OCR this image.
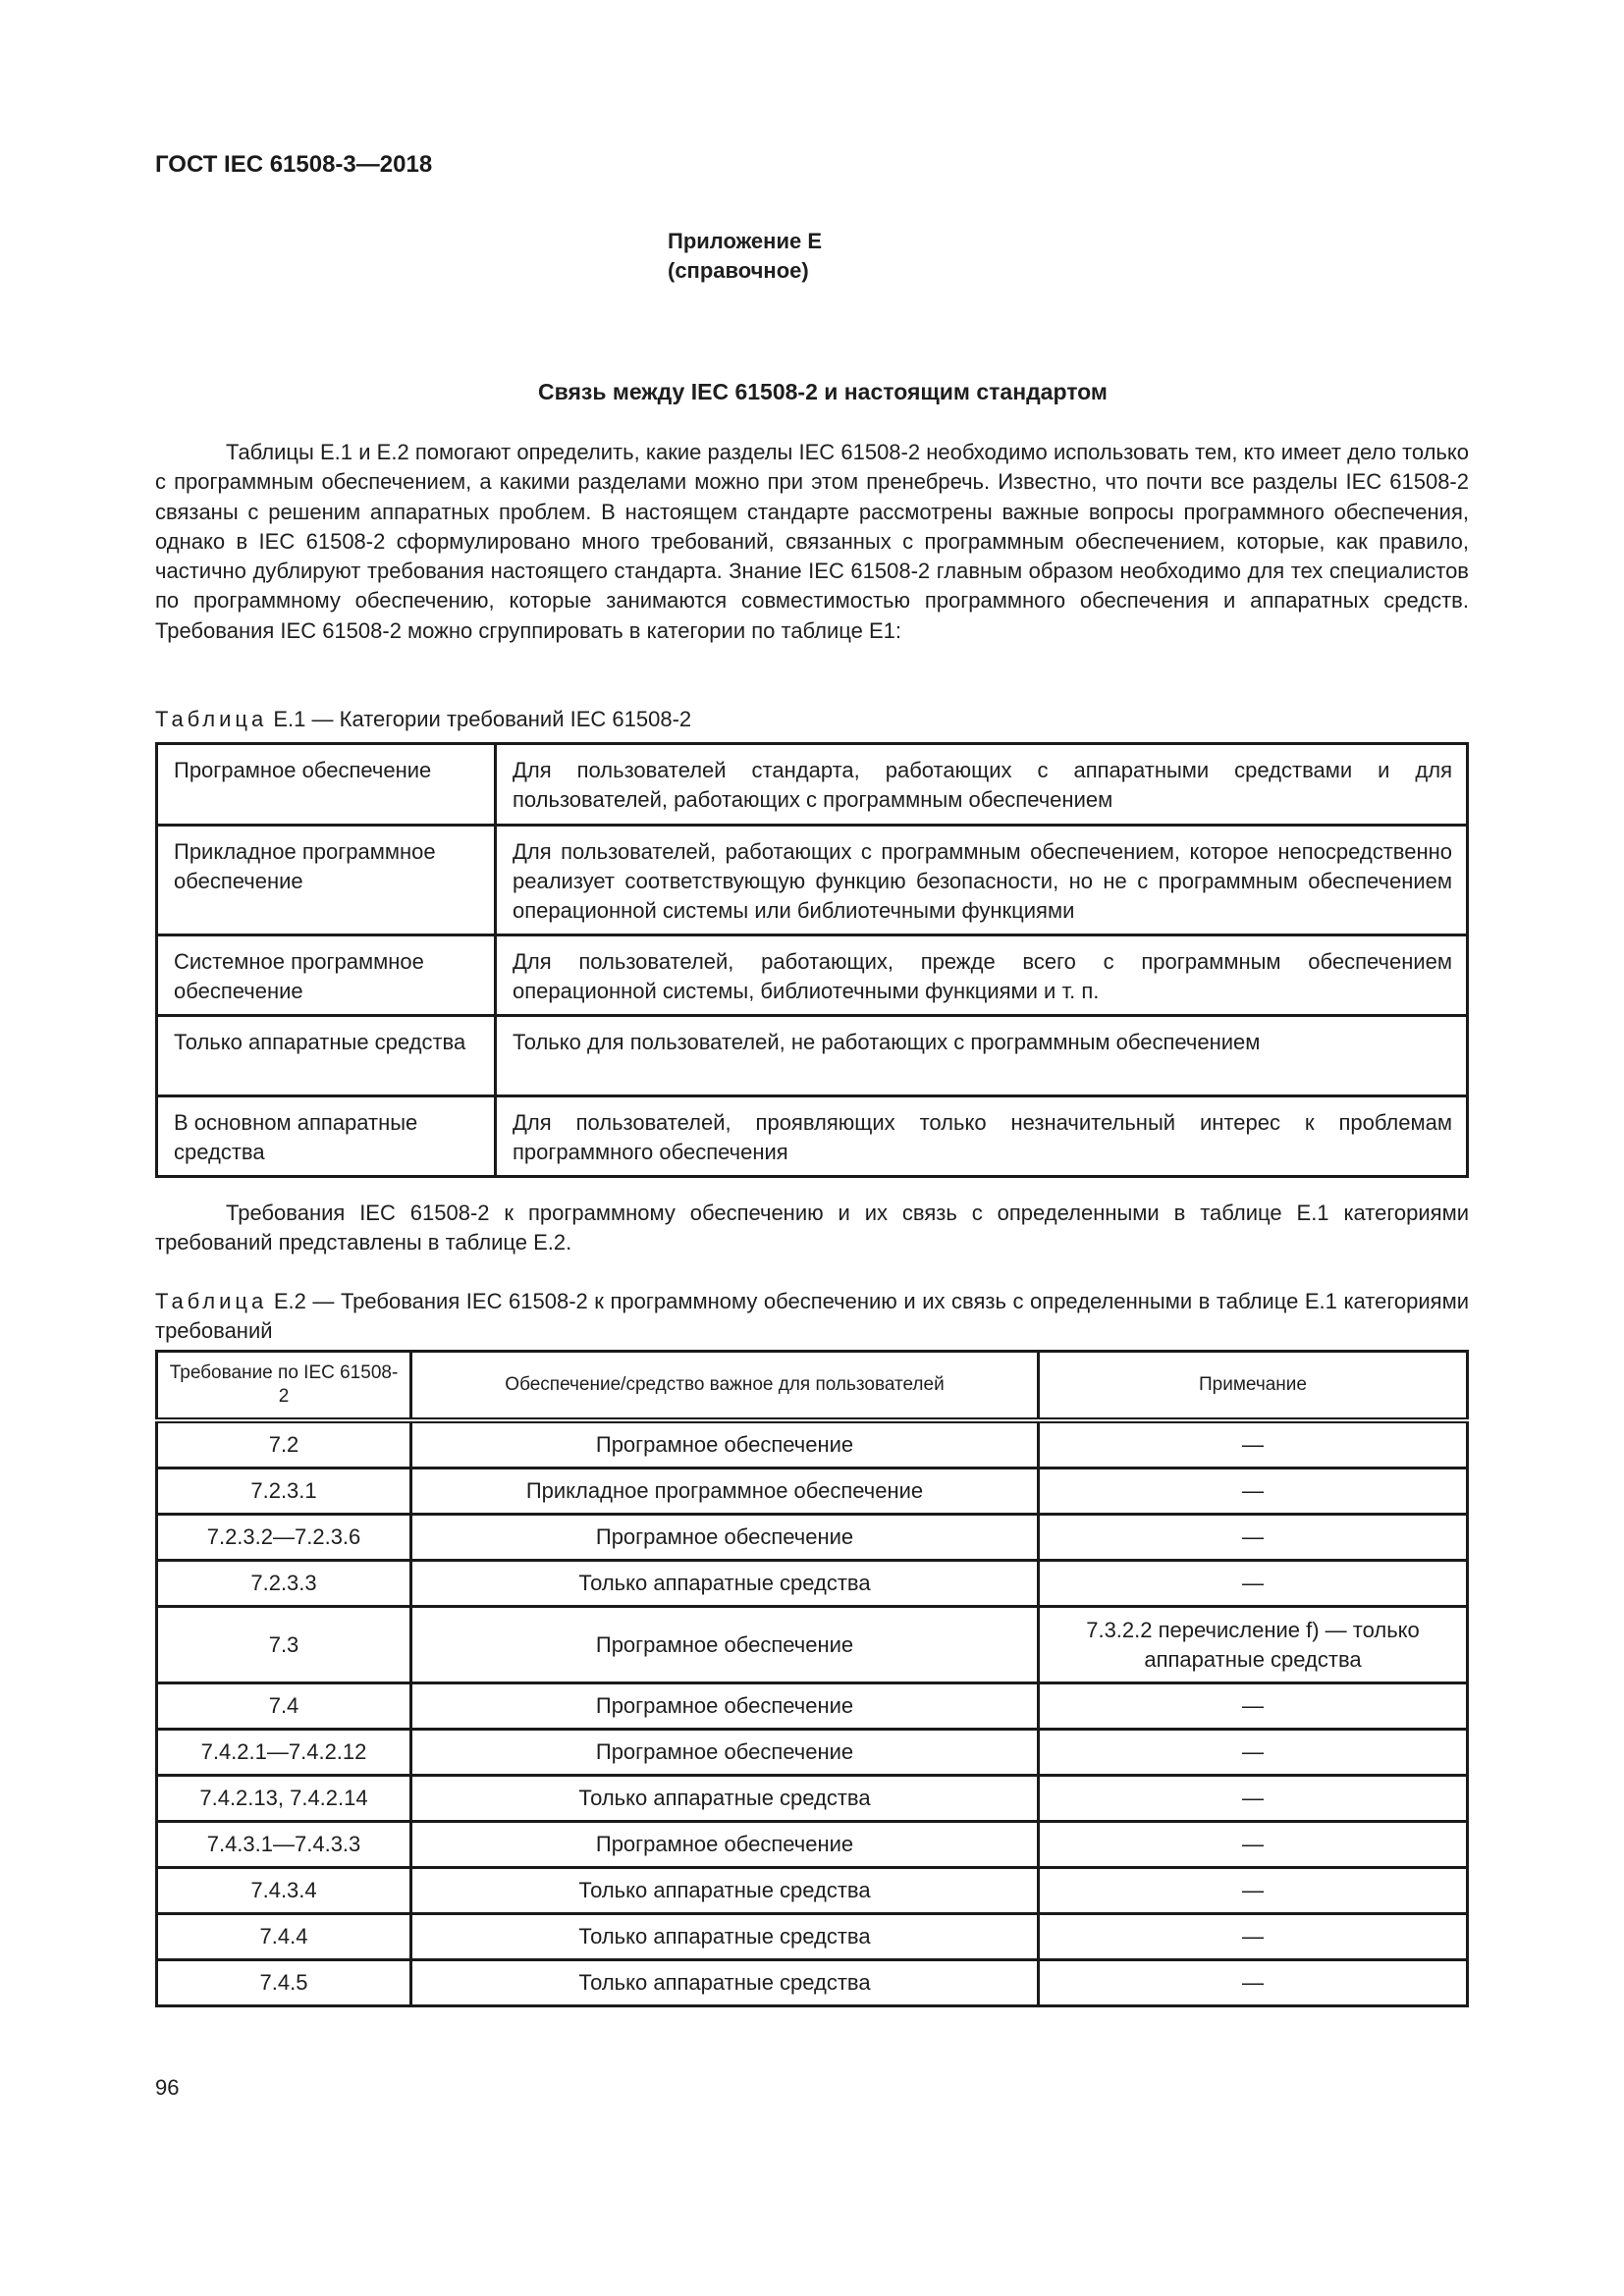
ГОСТ IEC 61508-3—2018
Приложение E
(справочное)
Связь между IEC 61508-2 и настоящим стандартом

Таблицы E.1 и E.2 помогают определить, какие разделы IEC 61508-2 необходимо использовать тем, кто имеет дело только с программным обеспечением, а какими разделами можно при этом пренебречь. Известно, что почти все разделы IEC 61508-2 связаны с решеним аппаратных проблем. В настоящем стандарте рассмотрены важные вопросы программного обеспечения, однако в IEC 61508-2 сформулировано много требований, связанных с программным обеспечением, которые, как правило, частично дублируют требования настоящего стандарта. Знание IEC 61508-2 главным образом необходимо для тех специалистов по программному обеспечению, которые занимаются совместимостью программного обеспечения и аппаратных средств. Требования IEC 61508-2 можно сгруппировать в категории по таблице E1:

Таблица E.1 — Категории требований IEC 61508-2

Програмное обеспечение	Для пользователей стандарта, работающих с аппаратными средствами и для пользователей, работающих с программным обеспечением
Прикладное программное обеспечение	Для пользователей, работающих с программным обеспечением, которое непосредственно реализует соответствующую функцию безопасности, но не с программным обеспечением операционной системы или библиотечными функциями
Системное программное обеспечение	Для пользователей, работающих, прежде всего с программным обеспечением операционной системы, библиотечными функциями и т. п.
Только аппаратные средства	Только для пользователей, не работающих с программным обеспечением
В основном аппаратные средства	Для пользователей, проявляющих только незначительный интерес к проблемам программного обеспечения

Требования IEC 61508-2 к программному обеспечению и их связь с определенными в таблице E.1 категориями требований представлены в таблице E.2.

Таблица E.2 — Требования IEC 61508-2 к программному обеспечению и их связь с определенными в таблице E.1 категориями требований

Требование по IEC 61508-2	Обеспечение/средство важное для пользователей	Примечание
7.2	Програмное обеспечение	—
7.2.3.1	Прикладное программное обеспечение	—
7.2.3.2—7.2.3.6	Програмное обеспечение	—
7.2.3.3	Только аппаратные средства	—
7.3	Програмное обеспечение	7.3.2.2 перечисление f) — только аппаратные средства
7.4	Програмное обеспечение	—
7.4.2.1—7.4.2.12	Програмное обеспечение	—
7.4.2.13, 7.4.2.14	Только аппаратные средства	—
7.4.3.1—7.4.3.3	Програмное обеспечение	—
7.4.3.4	Только аппаратные средства	—
7.4.4	Только аппаратные средства	—
7.4.5	Только аппаратные средства	—
96
